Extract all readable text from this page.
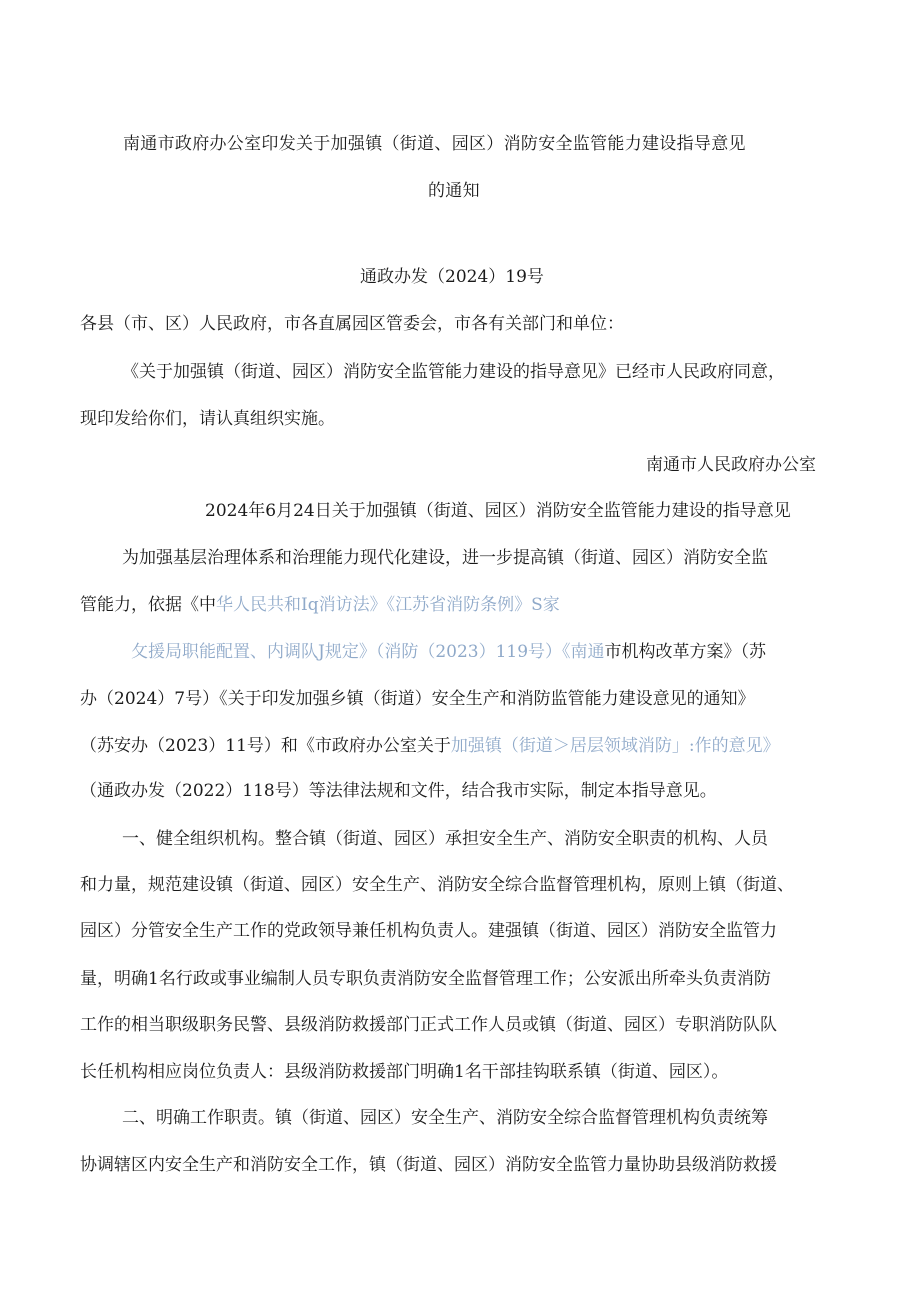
南通市政府办公室印发关于加强镇（街道、园区）消防安全监管能力建设指导意见
的通知
通政办发（2024）19号
各县（市、区）人民政府，市各直属园区管委会，市各有关部门和单位：
《关于加强镇（街道、园区）消防安全监管能力建设的指导意见》已经市人民政府同意，
现印发给你们，请认真组织实施。
南通市人民政府办公室
2024年6月24日关于加强镇（街道、园区）消防安全监管能力建设的指导意见
为加强基层治理体系和治理能力现代化建设，进一步提高镇（街道、园区）消防安全监
管能力，依据《中华人民共和Iq消访法》《江苏省消防条例》S家
攵援局职能配置、内调队J规定》（消防（2023）119号）《南通市机构改革方案》（苏
办（2024）7号）《关于印发加强乡镇（街道）安全生产和消防监管能力建设意见的通知》
（苏安办（2023）11号）和《市政府办公室关于加强镇（街道＞居层领域消防」:作的意见》
（通政办发（2022）118号）等法律法规和文件，结合我市实际，制定本指导意见。
一、健全组织机构。整合镇（街道、园区）承担安全生产、消防安全职责的机构、人员
和力量，规范建设镇（街道、园区）安全生产、消防安全综合监督管理机构，原则上镇（街道、
园区）分管安全生产工作的党政领导兼任机构负责人。建强镇（街道、园区）消防安全监管力
量，明确1名行政或事业编制人员专职负责消防安全监督管理工作；公安派出所牵头负责消防
工作的相当职级职务民警、县级消防救援部门正式工作人员或镇（街道、园区）专职消防队队
长任机构相应岗位负责人：县级消防救援部门明确1名干部挂钩联系镇（街道、园区）。
二、明确工作职责。镇（街道、园区）安全生产、消防安全综合监督管理机构负责统筹
协调辖区内安全生产和消防安全工作，镇（街道、园区）消防安全监管力量协助县级消防救援
